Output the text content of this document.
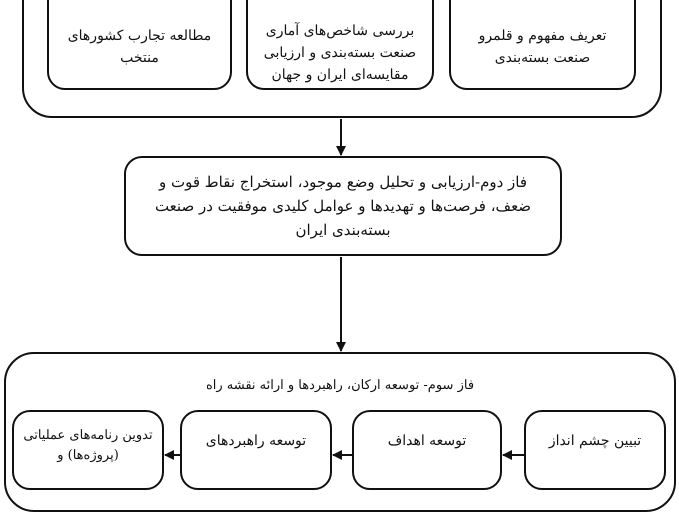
تعریف مفهوم و قلمرو صنعت بسته‌بندی
بررسی شاخص‌های آماری صنعت بسته‌بندی و ارزیابی مقایسه‌ای ایران و جهان
مطالعه تجارب کشورهای منتخب
فاز دوم-ارزیابی و تحلیل وضع موجود، استخراج نقاط قوت و ضعف، فرصت‌ها و تهدیدها و عوامل کلیدی موفقیت در صنعت بسته‌بندی ایران
فاز سوم- توسعه ارکان، راهبردها و ارائه نقشه راه
تبیین چشم انداز
توسعه اهداف
توسعه راهبردهای
تدوین رنامه‌های عملیاتی (پروژه‌ها) و
